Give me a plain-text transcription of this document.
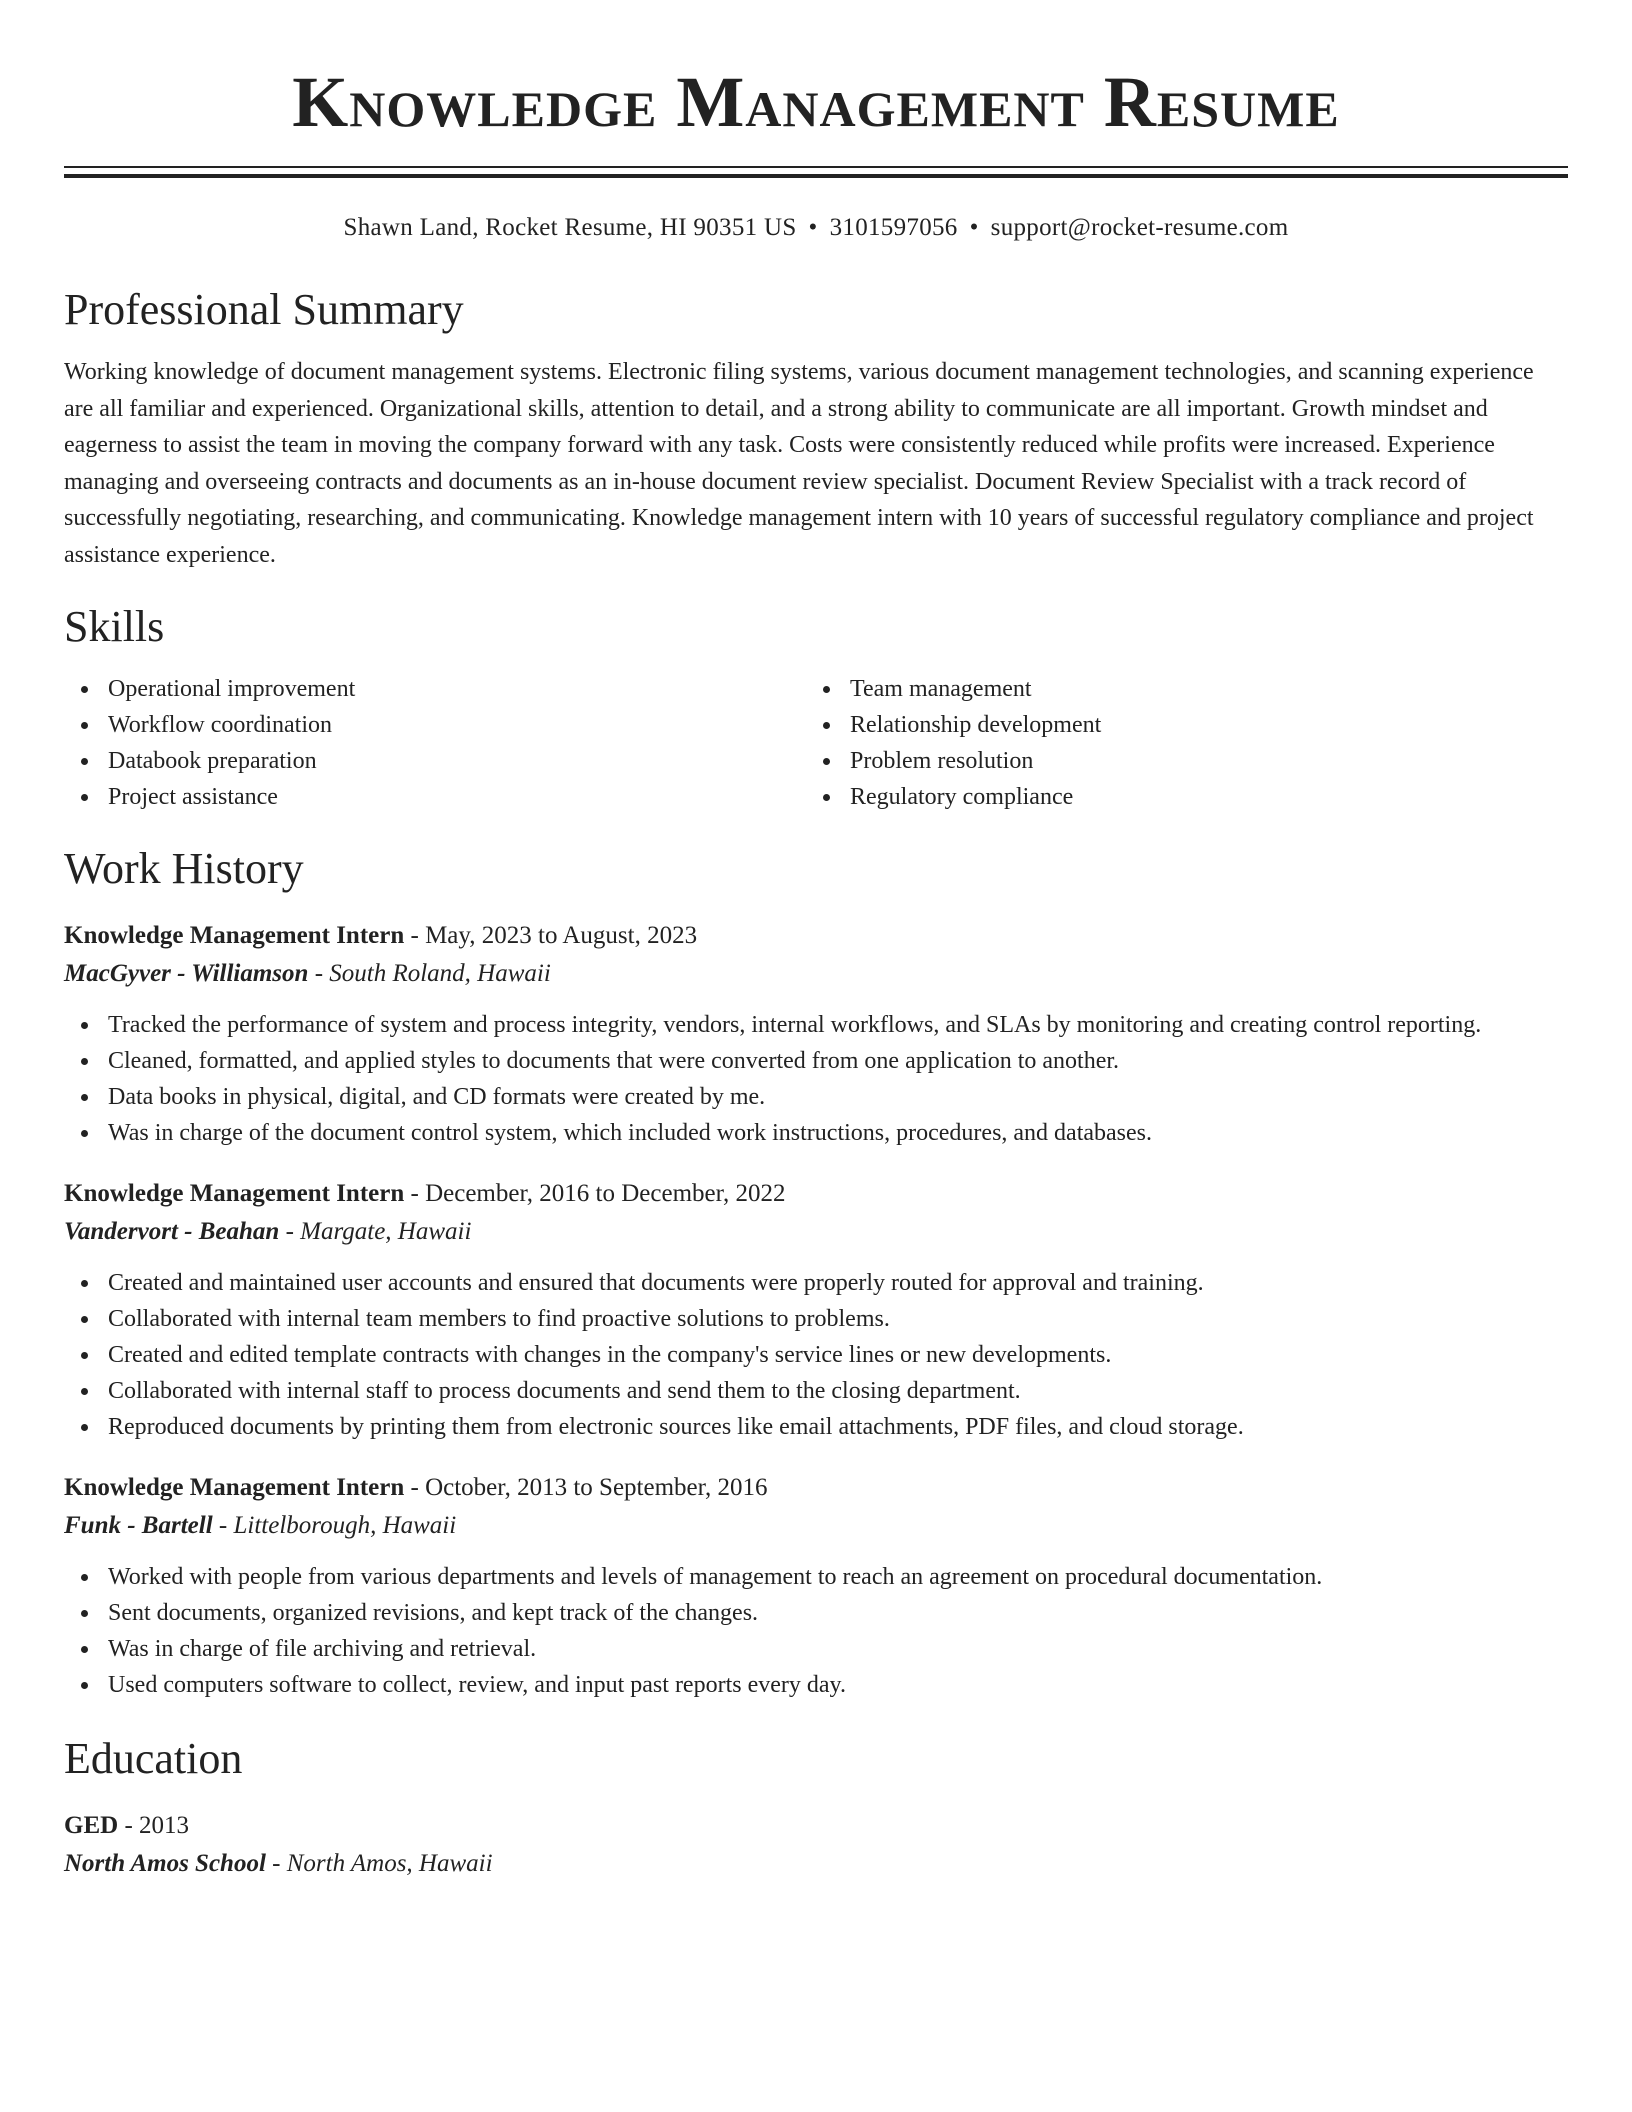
Knowledge Management Resume
Shawn Land, Rocket Resume, HI 90351 US • 3101597056 • support@rocket-resume.com
Professional Summary

Working knowledge of document management systems. Electronic filing systems, various document management technologies, and scanning experience are all familiar and experienced. Organizational skills, attention to detail, and a strong ability to communicate are all important. Growth mindset and eagerness to assist the team in moving the company forward with any task. Costs were consistently reduced while profits were increased. Experience managing and overseeing contracts and documents as an in-house document review specialist. Document Review Specialist with a track record of successfully negotiating, researching, and communicating. Knowledge management intern with 10 years of successful regulatory compliance and project assistance experience.

Skills
Operational improvement
Workflow coordination
Databook preparation
Project assistance
Team management
Relationship development
Problem resolution
Regulatory compliance
Work History
Knowledge Management Intern - May, 2023 to August, 2023
MacGyver - Williamson - South Roland, Hawaii
Tracked the performance of system and process integrity, vendors, internal workflows, and SLAs by monitoring and creating control reporting.
Cleaned, formatted, and applied styles to documents that were converted from one application to another.
Data books in physical, digital, and CD formats were created by me.
Was in charge of the document control system, which included work instructions, procedures, and databases.
Knowledge Management Intern - December, 2016 to December, 2022
Vandervort - Beahan - Margate, Hawaii
Created and maintained user accounts and ensured that documents were properly routed for approval and training.
Collaborated with internal team members to find proactive solutions to problems.
Created and edited template contracts with changes in the company's service lines or new developments.
Collaborated with internal staff to process documents and send them to the closing department.
Reproduced documents by printing them from electronic sources like email attachments, PDF files, and cloud storage.
Knowledge Management Intern - October, 2013 to September, 2016
Funk - Bartell - Littelborough, Hawaii
Worked with people from various departments and levels of management to reach an agreement on procedural documentation.
Sent documents, organized revisions, and kept track of the changes.
Was in charge of file archiving and retrieval.
Used computers software to collect, review, and input past reports every day.
Education
GED - 2013
North Amos School - North Amos, Hawaii
